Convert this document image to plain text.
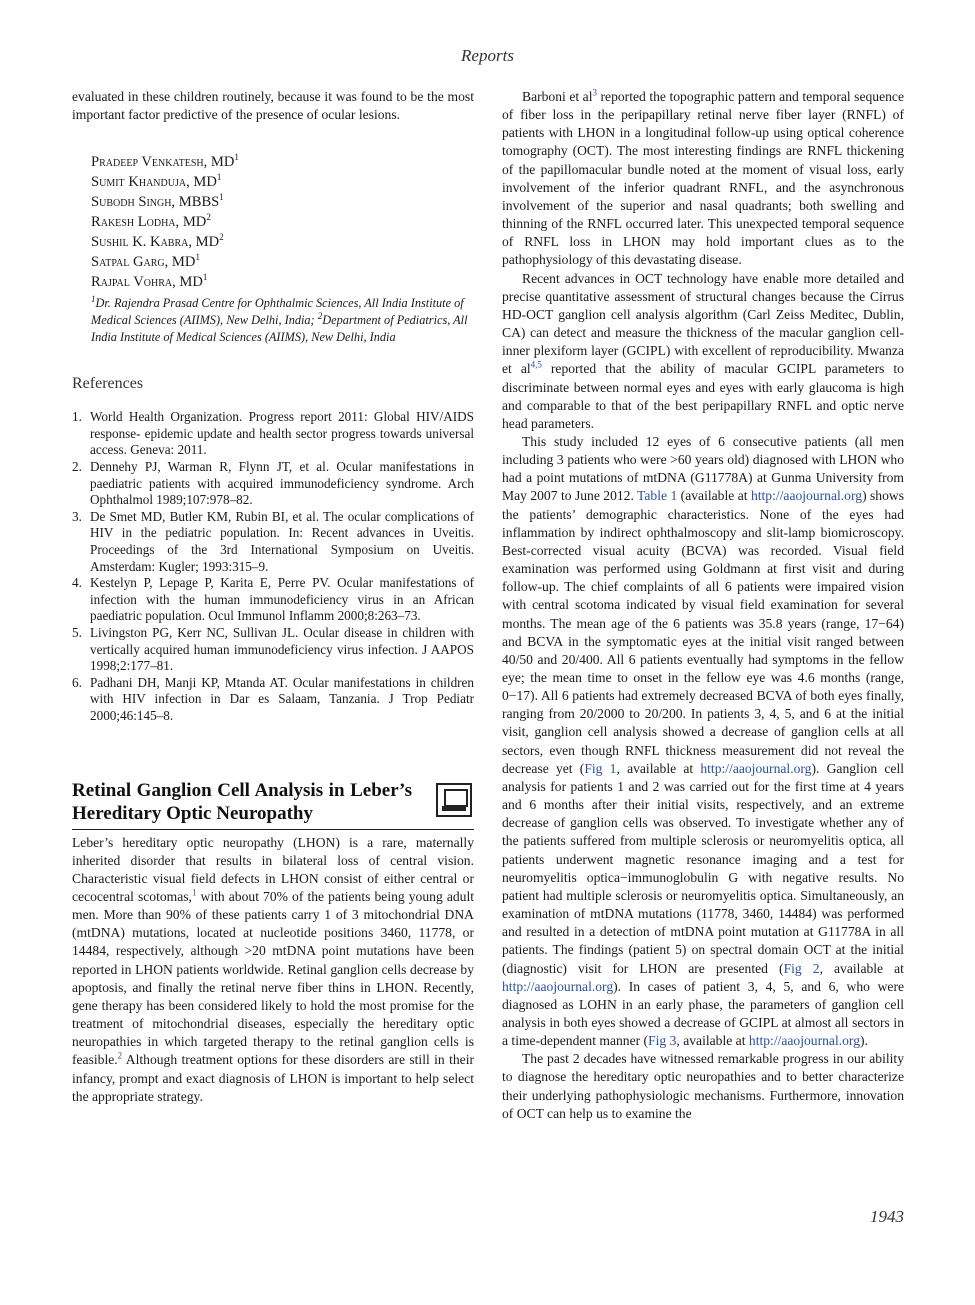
Reports

evaluated in these children routinely, because it was found to be the most important factor predictive of the presence of ocular lesions.

Pradeep Venkatesh, $MD^1$
Sumit Khanduja, $MD^1$
Subodh Singh, MBBS$^1$
Rakesh Lodha, $MD^2$
Sushil K. Kabra, $MD^2$
Satpal Garg, $MD^1$
Rajpal Vohra, $MD^1$

$^1$Dr. Rajendra Prasad Centre for Ophthalmic Sciences, All India Institute of Medical Sciences (AIIMS), New Delhi, India; $^2$Department of Pediatrics, All India Institute of Medical Sciences (AIIMS), New Delhi, India

References
1. World Health Organization. Progress report 2011: Global HIV/AIDS response- epidemic update and health sector progress towards universal access. Geneva: 2011.
2. Dennehy PJ, Warman R, Flynn JT, et al. Ocular manifestations in paediatric patients with acquired immunodeficiency syndrome. Arch Ophthalmol 1989;107:978–82.
3. De Smet MD, Butler KM, Rubin BI, et al. The ocular complications of HIV in the pediatric population. In: Recent advances in Uveitis. Proceedings of the 3rd International Symposium on Uveitis. Amsterdam: Kugler; 1993:315–9.
4. Kestelyn P, Lepage P, Karita E, Perre PV. Ocular manifestations of infection with the human immunodeficiency virus in an African paediatric population. Ocul Immunol Inflamm 2000;8:263–73.
5. Livingston PG, Kerr NC, Sullivan JL. Ocular disease in children with vertically acquired human immunodeficiency virus infection. J AAPOS 1998;2:177–81.
6. Padhani DH, Manji KP, Mtanda AT. Ocular manifestations in children with HIV infection in Dar es Salaam, Tanzania. J Trop Pediatr 2000;46:145–8.
Retinal Ganglion Cell Analysis in Leber’s Hereditary Optic Neuropathy

Leber’s hereditary optic neuropathy (LHON) is a rare, maternally inherited disorder that results in bilateral loss of central vision. Characteristic visual field defects in LHON consist of either central or cecocentral scotomas,$^1$ with about 70% of the patients being young adult men. More than 90% of these patients carry 1 of 3 mitochondrial DNA (mtDNA) mutations, located at nucleotide positions 3460, 11778, or 14484, respectively, although >20 mtDNA point mutations have been reported in LHON patients worldwide. Retinal ganglion cells decrease by apoptosis, and finally the retinal nerve fiber thins in LHON. Recently, gene therapy has been considered likely to hold the most promise for the treatment of mitochondrial diseases, especially the hereditary optic neuropathies in which targeted therapy to the retinal ganglion cells is feasible.$^2$ Although treatment options for these disorders are still in their infancy, prompt and exact diagnosis of LHON is important to help select the appropriate strategy.

Barboni et $al^3$ reported the topographic pattern and temporal sequence of fiber loss in the peripapillary retinal nerve fiber layer (RNFL) of patients with LHON in a longitudinal follow-up using optical coherence tomography (OCT). The most interesting findings are RNFL thickening of the papillomacular bundle noted at the moment of visual loss, early involvement of the inferior quadrant RNFL, and the asynchronous involvement of the superior and nasal quadrants; both swelling and thinning of the RNFL occurred later. This unexpected temporal sequence of RNFL loss in LHON may hold important clues as to the pathophysiology of this devastating disease.

Recent advances in OCT technology have enable more detailed and precise quantitative assessment of structural changes because the Cirrus HD-OCT ganglion cell analysis algorithm (Carl Zeiss Meditec, Dublin, CA) can detect and measure the thickness of the macular ganglion cell-inner plexiform layer (GCIPL) with excellent of reproducibility. Mwanza et al$^{4,5}$ reported that the ability of macular GCIPL parameters to discriminate between normal eyes and eyes with early glaucoma is high and comparable to that of the best peripapillary RNFL and optic nerve head parameters.

This study included 12 eyes of 6 consecutive patients (all men including 3 patients who were >60 years old) diagnosed with LHON who had a point mutations of mtDNA (G11778A) at Gunma University from May 2007 to June 2012. Table 1 (available at http://aaojournal.org) shows the patients’ demographic characteristics. None of the eyes had inflammation by indirect ophthalmoscopy and slit-lamp biomicroscopy. Best-corrected visual acuity (BCVA) was recorded. Visual field examination was performed using Goldmann at first visit and during follow-up. The chief complaints of all 6 patients were impaired vision with central scotoma indicated by visual field examination for several months. The mean age of the 6 patients was 35.8 years (range, 17−64) and BCVA in the symptomatic eyes at the initial visit ranged between 40/50 and 20/400. All 6 patients eventually had symptoms in the fellow eye; the mean time to onset in the fellow eye was 4.6 months (range, 0−17). All 6 patients had extremely decreased BCVA of both eyes finally, ranging from 20/2000 to 20/200. In patients 3, 4, 5, and 6 at the initial visit, ganglion cell analysis showed a decrease of ganglion cells at all sectors, even though RNFL thickness measurement did not reveal the decrease yet (Fig 1, available at http://aaojournal.org). Ganglion cell analysis for patients 1 and 2 was carried out for the first time at 4 years and 6 months after their initial visits, respectively, and an extreme decrease of ganglion cells was observed. To investigate whether any of the patients suffered from multiple sclerosis or neuromyelitis optica, all patients underwent magnetic resonance imaging and a test for neuromyelitis optica−immunoglobulin G with negative results. No patient had multiple sclerosis or neuromyelitis optica. Simultaneously, an examination of mtDNA mutations (11778, 3460, 14484) was performed and resulted in a detection of mtDNA point mutation at G11778A in all patients. The findings (patient 5) on spectral domain OCT at the initial (diagnostic) visit for LHON are presented (Fig 2, available at http://aaojournal.org). In cases of patient 3, 4, 5, and 6, who were diagnosed as LOHN in an early phase, the parameters of ganglion cell analysis in both eyes showed a decrease of GCIPL at almost all sectors in a time-dependent manner (Fig 3, available at http://aaojournal.org).

The past 2 decades have witnessed remarkable progress in our ability to diagnose the hereditary optic neuropathies and to better characterize their underlying pathophysiologic mechanisms. Furthermore, innovation of OCT can help us to examine the

1943
